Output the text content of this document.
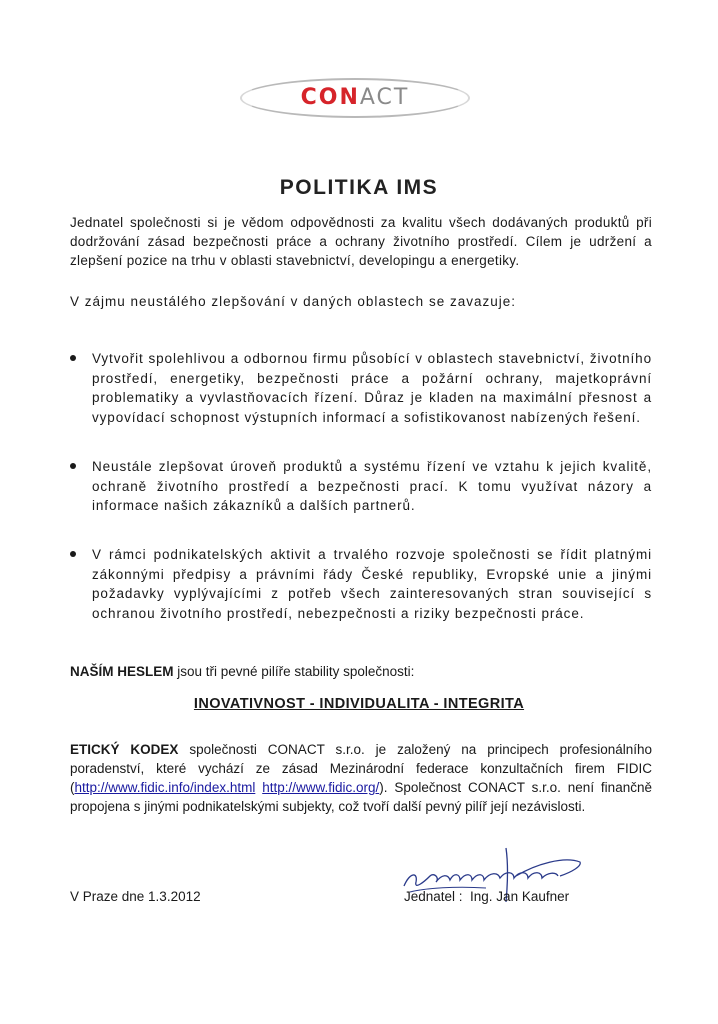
CONACT
POLITIKA IMS
Jednatel společnosti si je vědom odpovědnosti za kvalitu všech dodávaných produktů při dodržování zásad bezpečnosti práce a ochrany životního prostředí. Cílem je udržení a zlepšení pozice na trhu v oblasti stavebnictví, developingu a energetiky.
V zájmu neustálého zlepšování v daných oblastech se zavazuje:
Vytvořit spolehlivou a odbornou firmu působící v oblastech stavebnictví, životního prostředí, energetiky, bezpečnosti práce a požární ochrany, majetkoprávní problematiky a vyvlastňovacích řízení. Důraz je kladen na maximální přesnost a vypovídací schopnost výstupních informací a sofistikovanost nabízených řešení.
Neustále zlepšovat úroveň produktů a systému řízení ve vztahu k jejich kvalitě, ochraně životního prostředí a bezpečnosti prací. K tomu využívat názory a informace našich zákazníků a dalších partnerů.
V rámci podnikatelských aktivit a trvalého rozvoje společnosti se řídit platnými zákonnými předpisy a právními řády České republiky, Evropské unie a jinými požadavky vyplývajícími z potřeb všech zainteresovaných stran související s ochranou životního prostředí, nebezpečnosti a riziky bezpečnosti práce.
NAŠÍM HESLEM jsou tři pevné pilíře stability společnosti:
INOVATIVNOST - INDIVIDUALITA - INTEGRITA
ETICKÝ KODEX společnosti CONACT s.r.o. je založený na principech profesionálního poradenství, které vychází ze zásad Mezinárodní federace konzultačních firem FIDIC (http://www.fidic.info/index.html http://www.fidic.org/). Společnost CONACT s.r.o. není finančně propojena s jinými podnikatelskými subjekty, což tvoří další pevný pilíř její nezávislosti.
V Praze dne 1.3.2012	Jednatel :  Ing. Jan Kaufner
